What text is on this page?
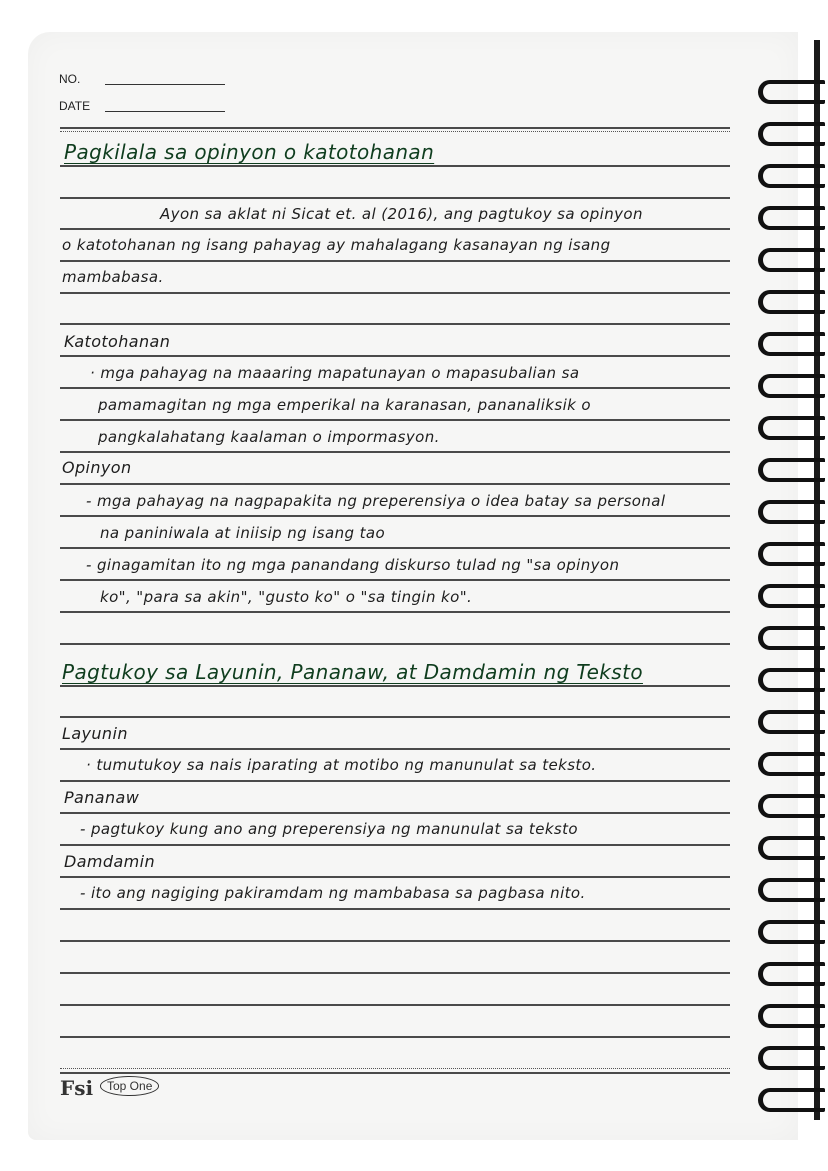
NO.
DATE
Pagkilala sa opinyon o katotohanan
Ayon sa aklat ni Sicat et. al (2016), ang pagtukoy sa opinyon
o katotohanan ng isang pahayag ay mahalagang kasanayan ng isang
mambabasa.
Katotohanan
· mga pahayag na maaaring mapatunayan o mapasubalian sa
pamamagitan ng mga emperikal na karanasan, pananaliksik o
pangkalahatang kaalaman o impormasyon.
Opinyon
- mga pahayag na nagpapakita ng preperensiya o idea batay sa personal
na paniniwala at iniisip ng isang tao
- ginagamitan ito ng mga panandang diskurso tulad ng "sa opinyon
ko", "para sa akin", "gusto ko" o "sa tingin ko".
Pagtukoy sa Layunin, Pananaw, at Damdamin ng Teksto
Layunin
· tumutukoy sa nais iparating at motibo ng manunulat sa teksto.
Pananaw
- pagtukoy kung ano ang preperensiya ng manunulat sa teksto
Damdamin
- ito ang nagiging pakiramdam ng mambabasa sa pagbasa nito.
Fsi	Top One
